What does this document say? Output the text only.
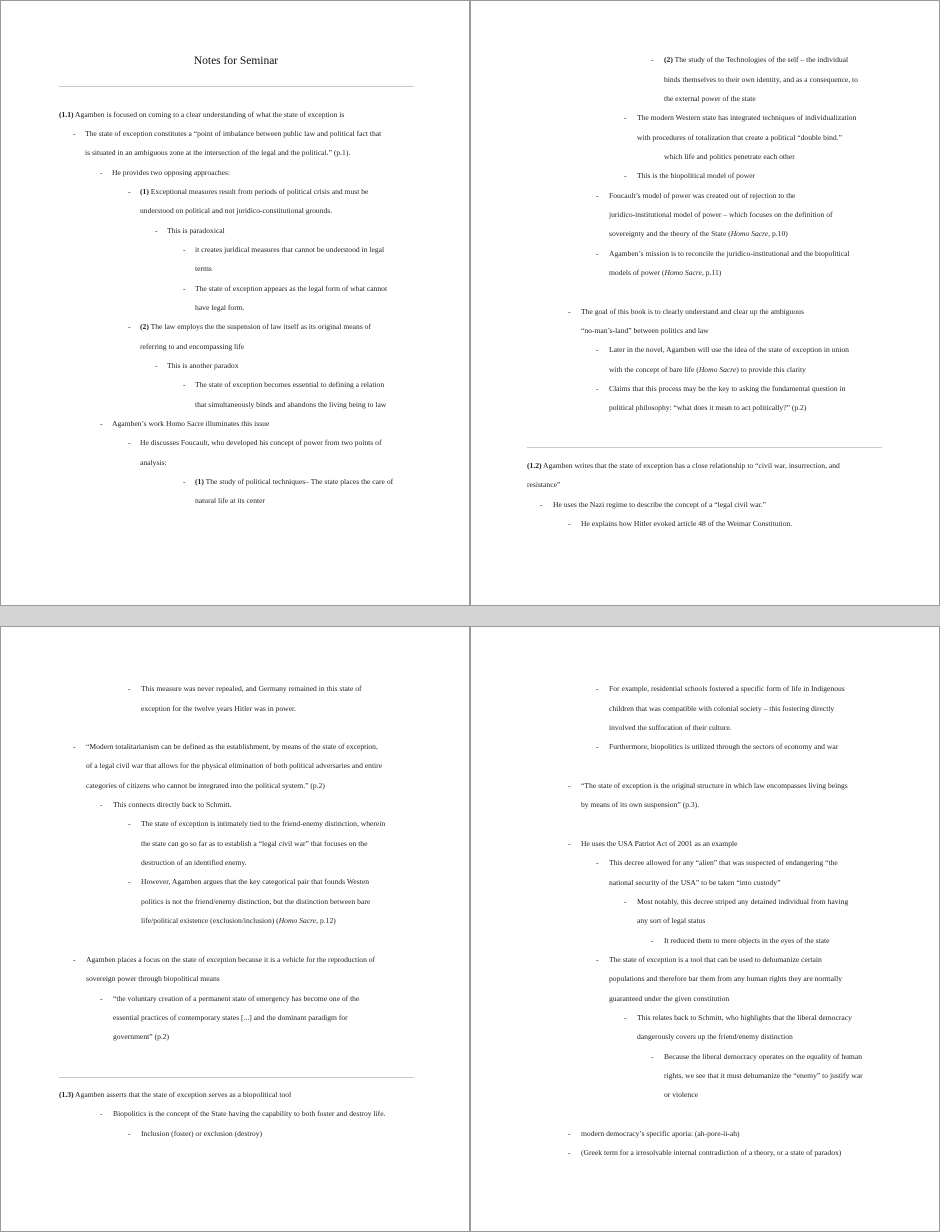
Notes for Seminar
(1.1) Agamben is focused on coming to a clear understanding of what the state of exception is
- The state of exception constitutes a “point of imbalance between public law and political fact that
is situated in an ambiguous zone at the intersection of the legal and the political.” (p.1).
- He provides two opposing approaches:
- (1) Exceptional measures result from periods of political crisis and must be
understood on political and not juridico-constitutional grounds.
- This is paradoxical
- it creates juridical measures that cannot be understood in legal
terms
- The state of exception appears as the legal form of what cannot
have legal form.
- (2) The law employs the the suspension of law itself as its original means of
referring to and encompassing life
- This is another paradox
- The state of exception becomes essential to defining a relation
that simultaneously binds and abandons the living being to law
- Agamben’s work Homo Sacre illuminates this issue
- He discusses Foucault, who developed his concept of power from two points of
analysis:
- (1) The study of political techniques– The state places the care of
natural life at its center
- (2) The study of the Technologies of the self – the individual
binds themselves to their own identity, and as a consequence, to
the external power of the state
- The modern Western state has integrated techniques of individualization
with procedures of totalization that create a political “double bind.”
which life and politics penetrate each other
- This is the biopolitical model of power
- Foucault’s model of power was created out of rejection to the
juridico-institutional model of power – which focuses on the definition of
sovereignty and the theory of the State (Homo Sacre, p.10)
- Agamben’s mission is to reconcile the juridico-institutional and the biopolitical
models of power (Homo Sacre, p.11)
- The goal of this book is to clearly understand and clear up the ambiguous
“no-man’s-land” between politics and law
- Later in the novel, Agamben will use the idea of the state of exception in union
with the concept of bare life (Homo Sacre) to provide this clarity
- Claims that this process may be the key to asking the fundamental question in
political philosophy: “what does it mean to act politically?” (p.2)
(1.2) Agamben writes that the state of exception has a close relationship to “civil war, insurrection, and
resistance”
- He uses the Nazi regime to describe the concept of a “legal civil war.”
- He explains how Hitler evoked article 48 of the Weimar Constitution.
- This measure was never repealed, and Germany remained in this state of
exception for the twelve years Hitler was in power.
- “Modern totalitarianism can be defined as the establishment, by means of the state of exception,
of a legal civil war that allows for the physical elimination of both political adversaries and entire
categories of citizens who cannot be integrated into the political system.” (p.2)
- This connects directly back to Schmitt.
- The state of exception is intimately tied to the friend-enemy distinction, wherein
the state can go so far as to establish a “legal civil war” that focuses on the
destruction of an identified enemy.
- However, Agamben argues that the key categorical pair that founds Westen
politics is not the friend/enemy distinction, but the distinction between bare
life/political existence (exclusion/inclusion) (Homo Sacre, p.12)
- Agamben places a focus on the state of exception because it is a vehicle for the reproduction of
sovereign power through biopolitical means
- “the voluntary creation of a permanent state of emergency has become one of the
essential practices of contemporary states [...] and the dominant paradigm for
government” (p.2)
(1.3) Agamben asserts that the state of exception serves as a biopolitical tool
- Biopolitics is the concept of the State having the capability to both foster and destroy life.
- Inclusion (foster) or exclusion (destroy)
- For example, residential schools fostered a specific form of life in Indigenous
children that was compatible with colonial society – this fostering directly
involved the suffocation of their culture.
- Furthermore, biopolitics is utilized through the sectors of economy and war
- “The state of exception is the original structure in which law encompasses living beings
by means of its own suspension” (p.3).
- He uses the USA Patriot Act of 2001 as an example
- This decree allowed for any “alien” that was suspected of endangering “the
national security of the USA” to be taken “into custody”
- Most notably, this decree striped any detained individual from having
any sort of legal status
- It reduced them to mere objects in the eyes of the state
- The state of exception is a tool that can be used to dehumanize certain
populations and therefore bar them from any human rights they are normally
guaranteed under the given constitution
- This relates back to Schmitt, who highlights that the liberal democracy
dangerously covers up the friend/enemy distinction
- Because the liberal democracy operates on the equality of human
rights, we see that it must dehumanize the “enemy” to justify war
or violence
- modern democracy’s specific aporia: (ah-pore-ii-ah)
- (Greek term for a irresolvable internal contradiction of a theory, or a state of paradox)
